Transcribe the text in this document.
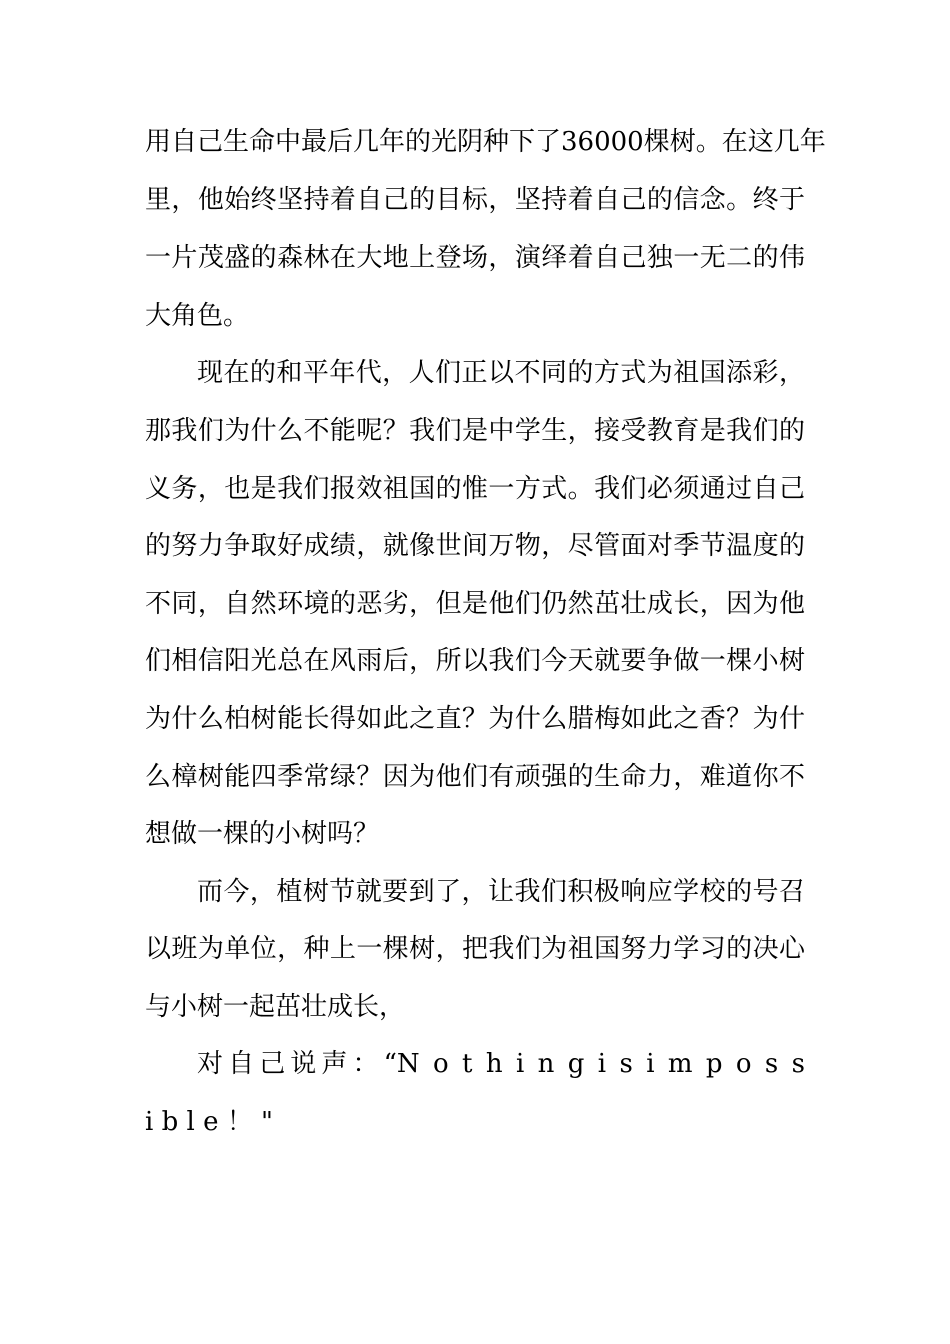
用自己生命中最后几年的光阴种下了36000棵树。在这几年
里，他始终坚持着自己的目标，坚持着自己的信念。终于
一片茂盛的森林在大地上登场，演绎着自己独一无二的伟
大角色。
现在的和平年代，人们正以不同的方式为祖国添彩，
那我们为什么不能呢？我们是中学生，接受教育是我们的
义务，也是我们报效祖国的惟一方式。我们必须通过自己
的努力争取好成绩，就像世间万物，尽管面对季节温度的
不同，自然环境的恶劣，但是他们仍然茁壮成长，因为他
们相信阳光总在风雨后，所以我们今天就要争做一棵小树
为什么柏树能长得如此之直？为什么腊梅如此之香？为什
么樟树能四季常绿？因为他们有顽强的生命力，难道你不
想做一棵的小树吗？
而今，植树节就要到了，让我们积极响应学校的号召
以班为单位，种上一棵树，把我们为祖国努力学习的决心
与小树一起茁壮成长，
对自己说声：“N o t h i n g i s i m p o s s
i b l e ！ "
